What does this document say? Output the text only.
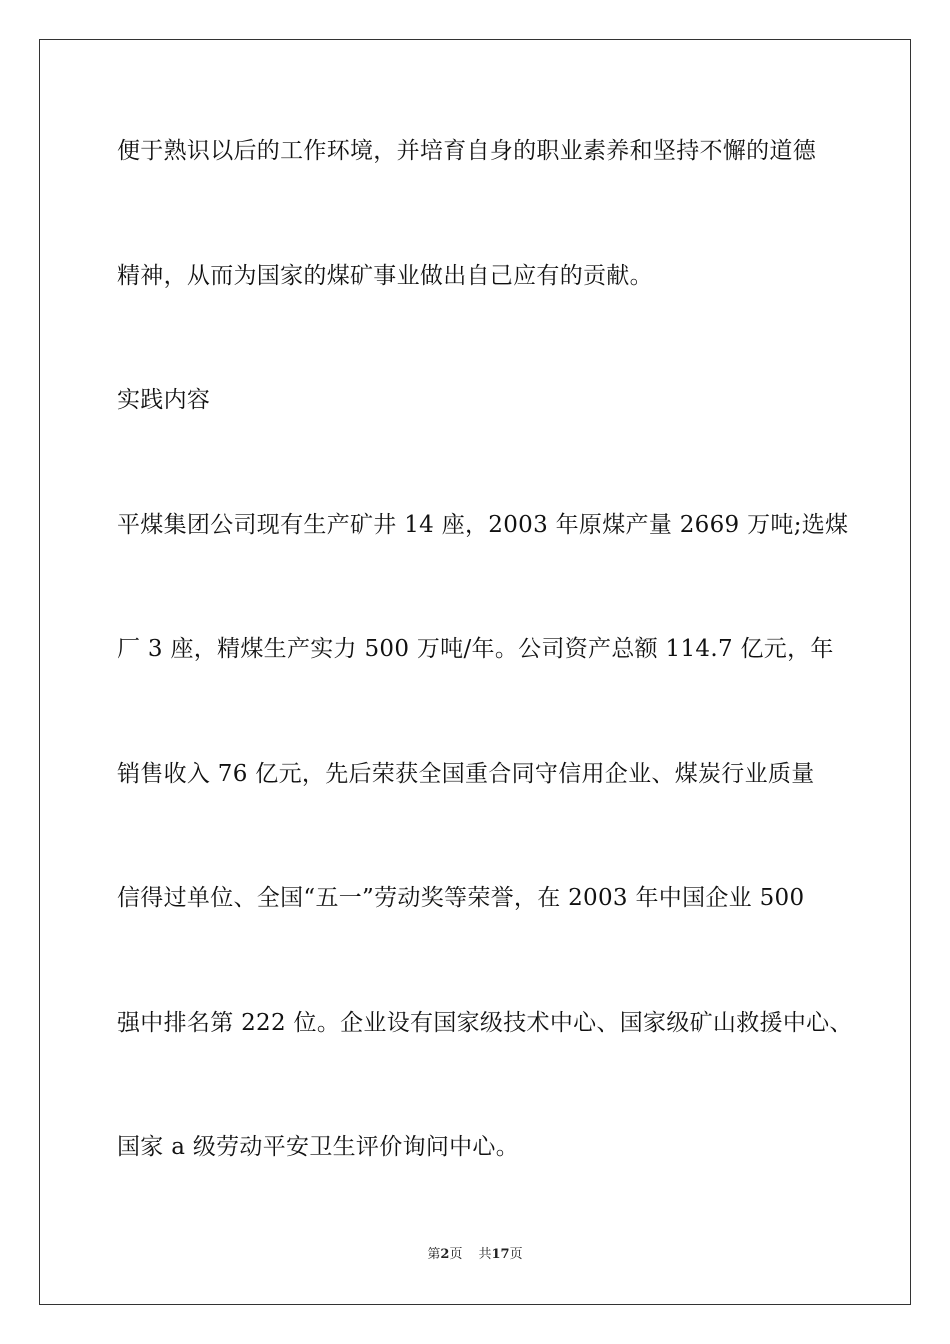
便于熟识以后的工作环境，并培育自身的职业素养和坚持不懈的道德
精神，从而为国家的煤矿事业做出自己应有的贡献。
实践内容
平煤集团公司现有生产矿井 14 座，2003 年原煤产量 2669 万吨;选煤
厂 3 座，精煤生产实力 500 万吨/年。公司资产总额 114.7 亿元，年
销售收入 76 亿元，先后荣获全国重合同守信用企业、煤炭行业质量
信得过单位、全国“五一”劳动奖等荣誉，在 2003 年中国企业 500
强中排名第 222 位。企业设有国家级技术中心、国家级矿山救援中心、
国家 a 级劳动平安卫生评价询问中心。
第2页 共17页
